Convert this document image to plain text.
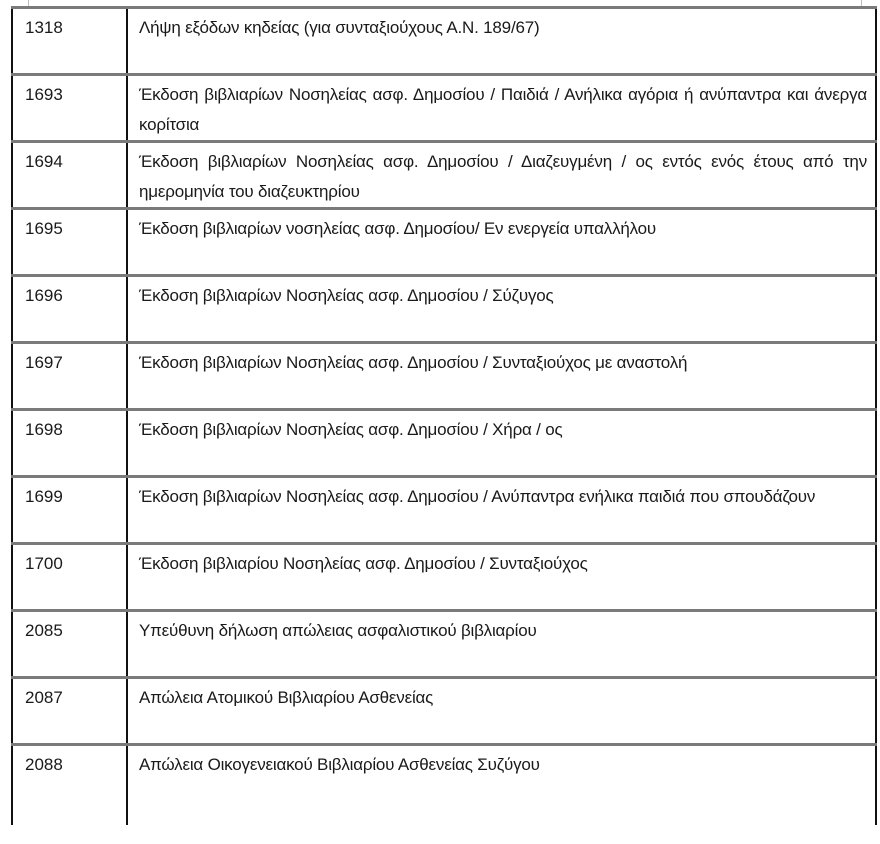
1318	Λήψη εξόδων κηδείας (για συνταξιούχους Α.Ν. 189/67)

1693	Έκδοση βιβλιαρίων Νοσηλείας ασφ. Δημοσίου / Παιδιά / Ανήλικα αγόρια ή ανύπαντρα και άνεργα κορίτσια

1694	Έκδοση βιβλιαρίων Νοσηλείας ασφ. Δημοσίου / Διαζευγμένη / ος εντός ενός έτους από την ημερομηνία του διαζευκτηρίου

1695	Έκδοση βιβλιαρίων νοσηλείας ασφ. Δημοσίου/ Εν ενεργεία υπαλλήλου

1696	Έκδοση βιβλιαρίων Νοσηλείας ασφ. Δημοσίου / Σύζυγος

1697	Έκδοση βιβλιαρίων Νοσηλείας ασφ. Δημοσίου / Συνταξιούχος με αναστολή

1698	Έκδοση βιβλιαρίων Νοσηλείας ασφ. Δημοσίου / Χήρα / ος

1699	Έκδοση βιβλιαρίων Νοσηλείας ασφ. Δημοσίου / Ανύπαντρα ενήλικα παιδιά που σπουδάζουν

1700	Έκδοση βιβλιαρίου Νοσηλείας ασφ. Δημοσίου / Συνταξιούχος

2085	Υπεύθυνη δήλωση απώλειας ασφαλιστικού βιβλιαρίου

2087	Απώλεια Ατομικού Βιβλιαρίου Ασθενείας

2088	Απώλεια Οικογενειακού Βιβλιαρίου Ασθενείας Συζύγου
